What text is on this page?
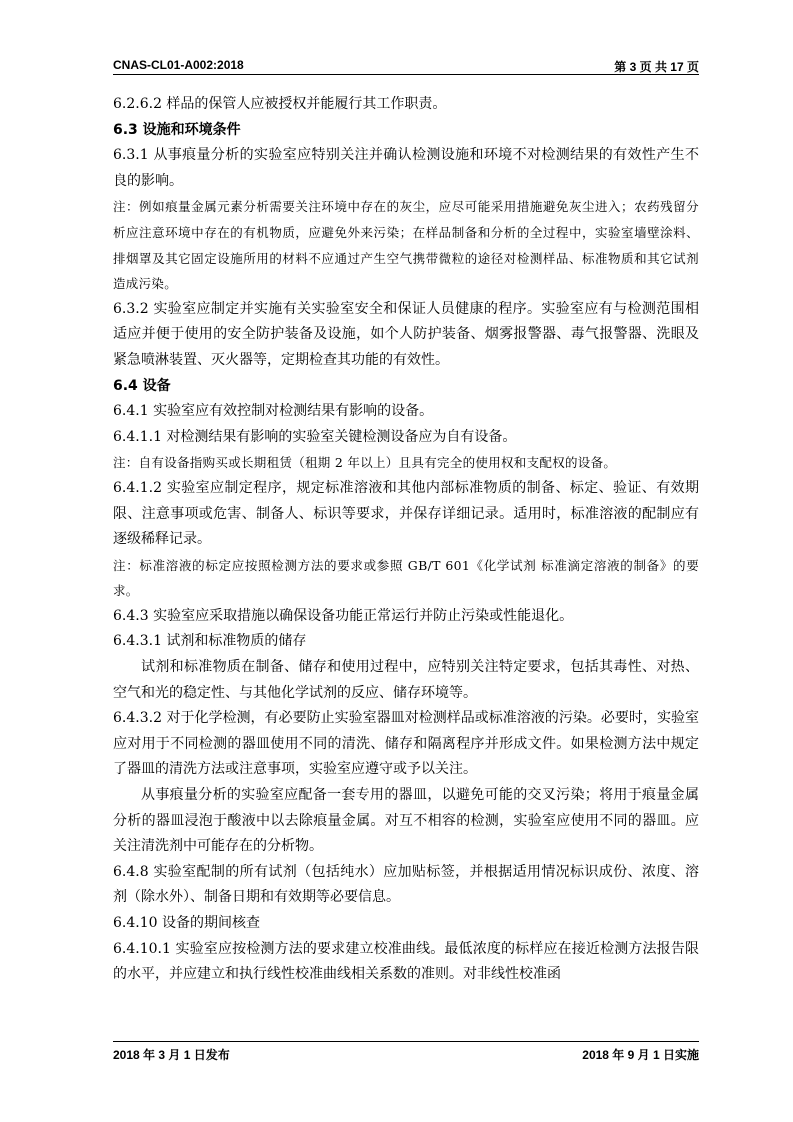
CNAS-CL01-A002:2018	第 3 页 共 17 页

6.2.6.2 样品的保管人应被授权并能履行其工作职责。

6.3 设施和环境条件

6.3.1 从事痕量分析的实验室应特别关注并确认检测设施和环境不对检测结果的有效性产生不良的影响。

注：例如痕量金属元素分析需要关注环境中存在的灰尘，应尽可能采用措施避免灰尘进入；农药残留分析应注意环境中存在的有机物质，应避免外来污染；在样品制备和分析的全过程中，实验室墙壁涂料、排烟罩及其它固定设施所用的材料不应通过产生空气携带微粒的途径对检测样品、标准物质和其它试剂造成污染。

6.3.2 实验室应制定并实施有关实验室安全和保证人员健康的程序。实验室应有与检测范围相适应并便于使用的安全防护装备及设施，如个人防护装备、烟雾报警器、毒气报警器、洗眼及紧急喷淋装置、灭火器等，定期检查其功能的有效性。

6.4 设备

6.4.1 实验室应有效控制对检测结果有影响的设备。

6.4.1.1 对检测结果有影响的实验室关键检测设备应为自有设备。

注：自有设备指购买或长期租赁（租期 2 年以上）且具有完全的使用权和支配权的设备。

6.4.1.2 实验室应制定程序，规定标准溶液和其他内部标准物质的制备、标定、验证、有效期限、注意事项或危害、制备人、标识等要求，并保存详细记录。适用时，标准溶液的配制应有逐级稀释记录。

注：标准溶液的标定应按照检测方法的要求或参照 GB/T 601《化学试剂 标准滴定溶液的制备》的要求。

6.4.3 实验室应采取措施以确保设备功能正常运行并防止污染或性能退化。

6.4.3.1 试剂和标准物质的储存

试剂和标准物质在制备、储存和使用过程中，应特别关注特定要求，包括其毒性、对热、空气和光的稳定性、与其他化学试剂的反应、储存环境等。

6.4.3.2 对于化学检测，有必要防止实验室器皿对检测样品或标准溶液的污染。必要时，实验室应对用于不同检测的器皿使用不同的清洗、储存和隔离程序并形成文件。如果检测方法中规定了器皿的清洗方法或注意事项，实验室应遵守或予以关注。

从事痕量分析的实验室应配备一套专用的器皿，以避免可能的交叉污染；将用于痕量金属分析的器皿浸泡于酸液中以去除痕量金属。对互不相容的检测，实验室应使用不同的器皿。应关注清洗剂中可能存在的分析物。

6.4.8 实验室配制的所有试剂（包括纯水）应加贴标签，并根据适用情况标识成份、浓度、溶剂（除水外）、制备日期和有效期等必要信息。

6.4.10 设备的期间核查

6.4.10.1 实验室应按检测方法的要求建立校准曲线。最低浓度的标样应在接近检测方法报告限的水平，并应建立和执行线性校准曲线相关系数的准则。对非线性校准函

2018 年 3 月 1 日发布	2018 年 9 月 1 日实施
